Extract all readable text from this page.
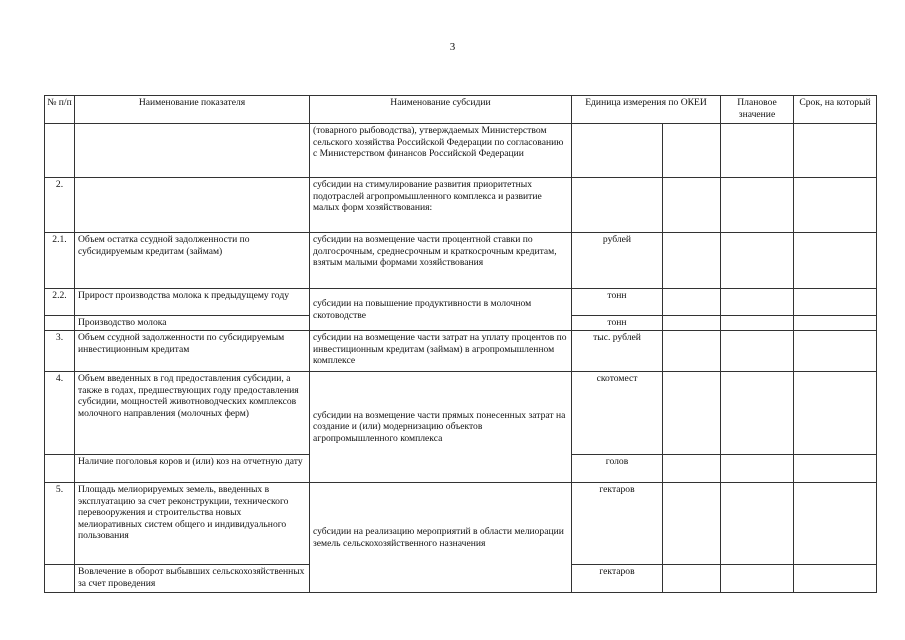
3
№ п/п	Наименование показателя	Наименование субсидии	Единица измерения по ОКЕИ		Плановое значение	Срок, на который
		(товарного рыбоводства), утверждаемых Министерством сельского хозяйства Российской Федерации по согласованию с Министерством финансов Российской Федерации				
2.		субсидии на стимулирование развития приоритетных подотраслей агропромышленного комплекса и развитие малых форм хозяйствования:				
2.1.	Объем остатка ссудной задолженности по субсидируемым кредитам (займам)	субсидии на возмещение части процентной ставки по долгосрочным, среднесрочным и краткосрочным кредитам, взятым малыми формами хозяйствования	рублей			
2.2.	Прирост производства молока к предыдущему году	субсидии на повышение продуктивности в молочном скотоводстве	тонн			
	Производство молока		тонн			
3.	Объем ссудной задолженности по субсидируемым инвестиционным кредитам	субсидии на возмещение части затрат на уплату процентов по инвестиционным кредитам (займам) в агропромышленном комплексе	тыс. рублей			
4.	Объем введенных в год предоставления субсидии, а также в годах, предшествующих году предоставления субсидии, мощностей животноводческих комплексов молочного направления (молочных ферм)	субсидии на возмещение части прямых понесенных затрат на создание и (или) модернизацию объектов агропромышленного комплекса	скотомест			
	Наличие поголовья коров и (или) коз на отчетную дату		голов			
5.	Площадь мелиорируемых земель, введенных в эксплуатацию за счет реконструкции, технического перевооружения и строительства новых мелиоративных систем общего и индивидуального пользования	субсидии на реализацию мероприятий в области мелиорации земель сельскохозяйственного назначения	гектаров			
	Вовлечение в оборот выбывших сельскохозяйственных за счет проведения		гектаров			
